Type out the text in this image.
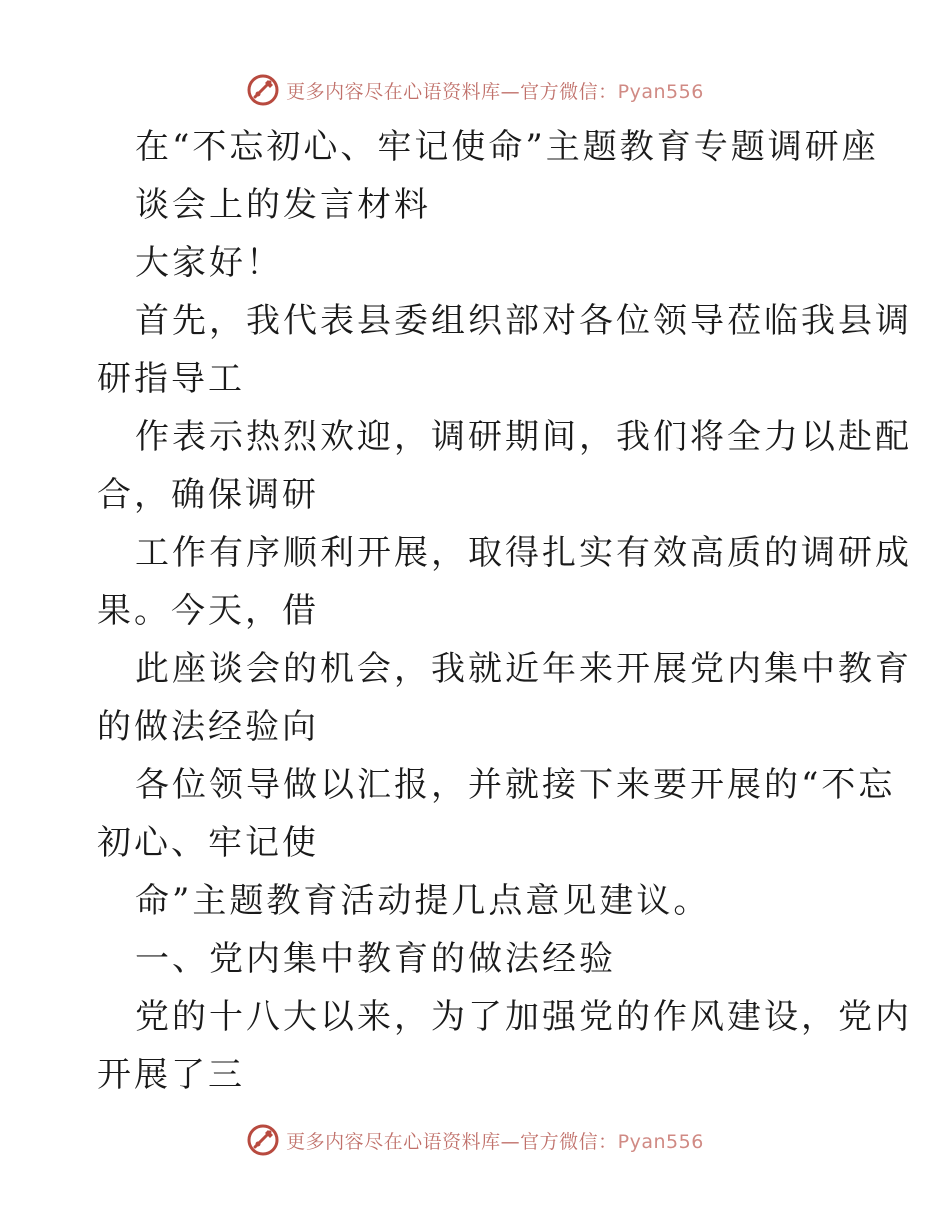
更多内容尽在心语资料库—官方微信：Pyan556
在“不忘初心、牢记使命”主题教育专题调研座
谈会上的发言材料
大家好！
首先，我代表县委组织部对各位领导莅临我县调
研指导工
作表示热烈欢迎，调研期间，我们将全力以赴配
合，确保调研
工作有序顺利开展，取得扎实有效高质的调研成
果。今天，借
此座谈会的机会，我就近年来开展党内集中教育
的做法经验向
各位领导做以汇报，并就接下来要开展的“不忘
初心、牢记使
命”主题教育活动提几点意见建议。
一、党内集中教育的做法经验
党的十八大以来，为了加强党的作风建设，党内
开展了三
更多内容尽在心语资料库—官方微信：Pyan556
